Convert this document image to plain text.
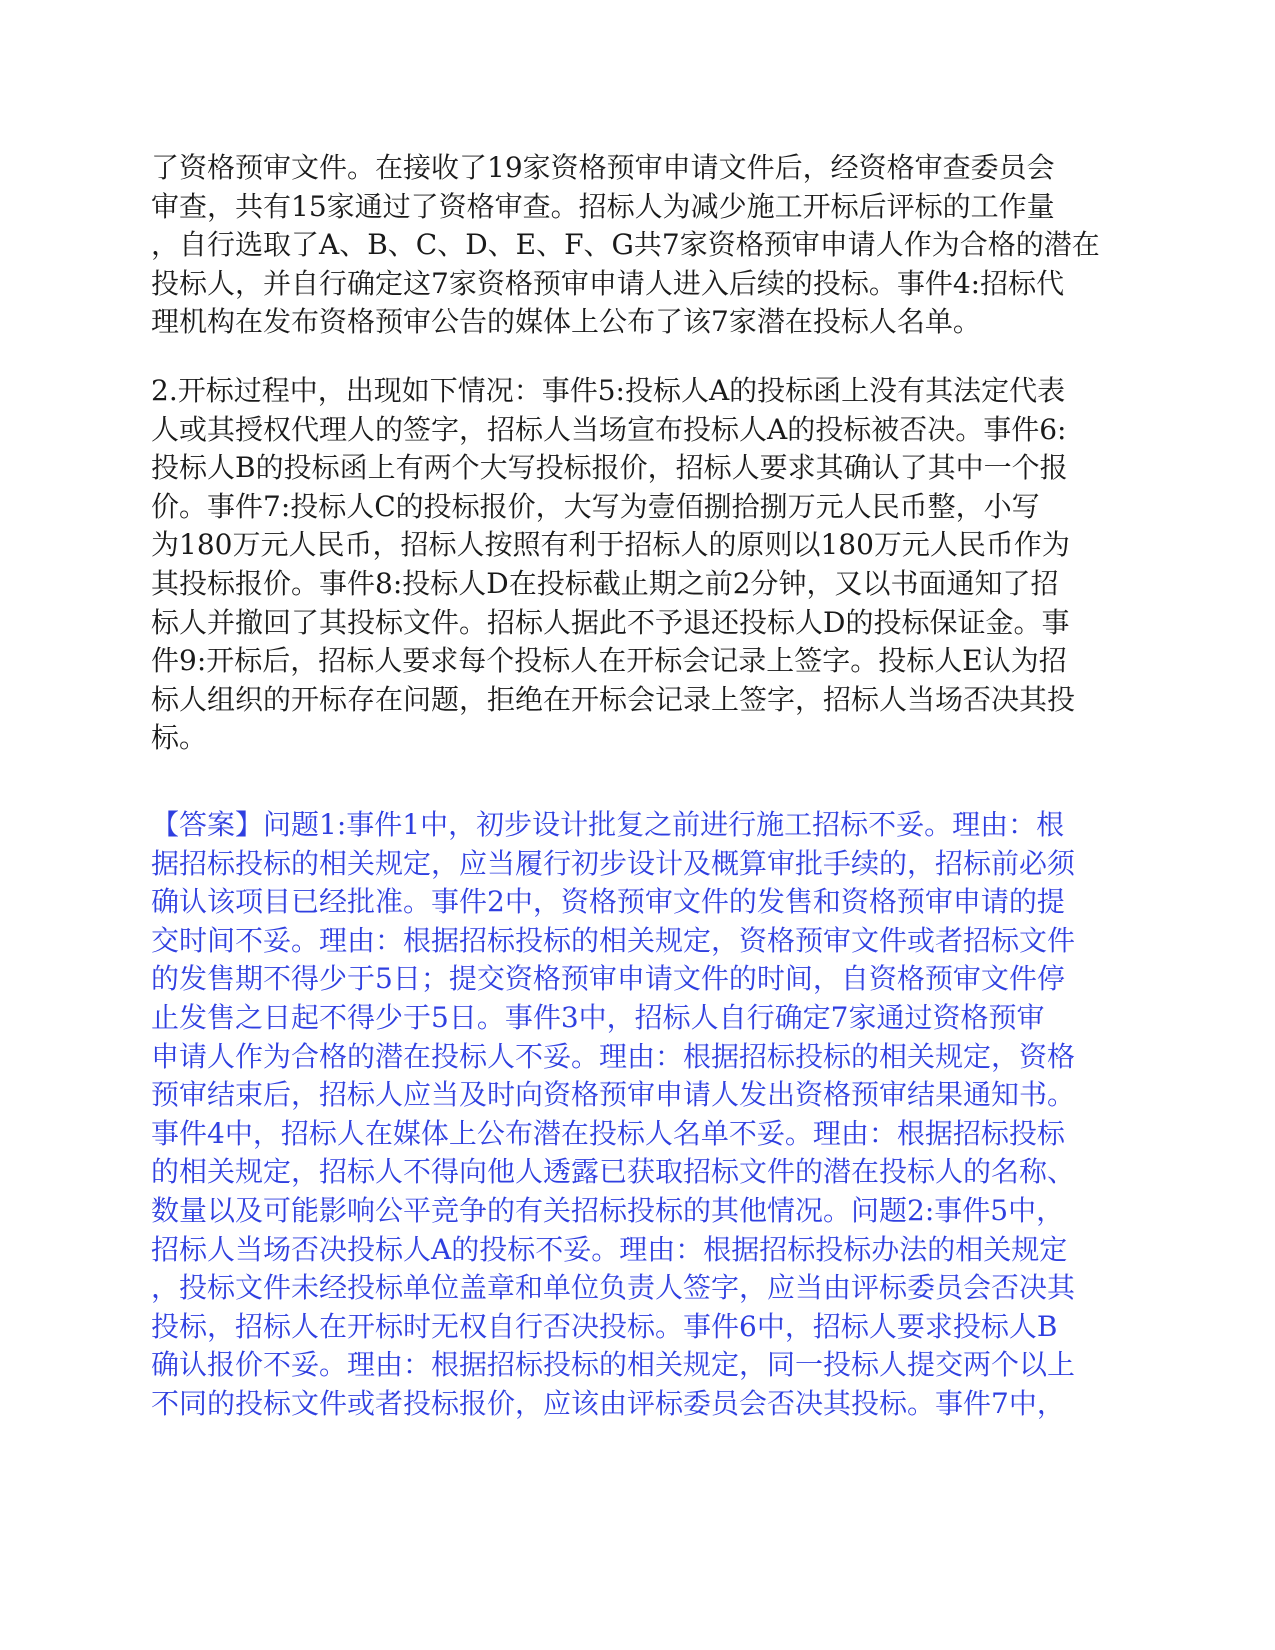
了资格预审文件。在接收了19家资格预审申请文件后，经资格审查委员会
审查，共有15家通过了资格审查。招标人为减少施工开标后评标的工作量
，自行选取了A、B、C、D、E、F、G共7家资格预审申请人作为合格的潜在
投标人，并自行确定这7家资格预审申请人进入后续的投标。事件4:招标代
理机构在发布资格预审公告的媒体上公布了该7家潜在投标人名单。
2.开标过程中，出现如下情况：事件5:投标人A的投标函上没有其法定代表
人或其授权代理人的签字，招标人当场宣布投标人A的投标被否决。事件6:
投标人B的投标函上有两个大写投标报价，招标人要求其确认了其中一个报
价。事件7:投标人C的投标报价，大写为壹佰捌拾捌万元人民币整，小写
为180万元人民币，招标人按照有利于招标人的原则以180万元人民币作为
其投标报价。事件8:投标人D在投标截止期之前2分钟，又以书面通知了招
标人并撤回了其投标文件。招标人据此不予退还投标人D的投标保证金。事
件9:开标后，招标人要求每个投标人在开标会记录上签字。投标人E认为招
标人组织的开标存在问题，拒绝在开标会记录上签字，招标人当场否决其投
标。
【答案】问题1:事件1中，初步设计批复之前进行施工招标不妥。理由：根
据招标投标的相关规定，应当履行初步设计及概算审批手续的，招标前必须
确认该项目已经批准。事件2中，资格预审文件的发售和资格预审申请的提
交时间不妥。理由：根据招标投标的相关规定，资格预审文件或者招标文件
的发售期不得少于5日；提交资格预审申请文件的时间，自资格预审文件停
止发售之日起不得少于5日。事件3中，招标人自行确定7家通过资格预审
申请人作为合格的潜在投标人不妥。理由：根据招标投标的相关规定，资格
预审结束后，招标人应当及时向资格预审申请人发出资格预审结果通知书。
事件4中，招标人在媒体上公布潜在投标人名单不妥。理由：根据招标投标
的相关规定，招标人不得向他人透露已获取招标文件的潜在投标人的名称、
数量以及可能影响公平竞争的有关招标投标的其他情况。问题2:事件5中，
招标人当场否决投标人A的投标不妥。理由：根据招标投标办法的相关规定
，投标文件未经投标单位盖章和单位负责人签字，应当由评标委员会否决其
投标，招标人在开标时无权自行否决投标。事件6中，招标人要求投标人B
确认报价不妥。理由：根据招标投标的相关规定，同一投标人提交两个以上
不同的投标文件或者投标报价，应该由评标委员会否决其投标。事件7中，
